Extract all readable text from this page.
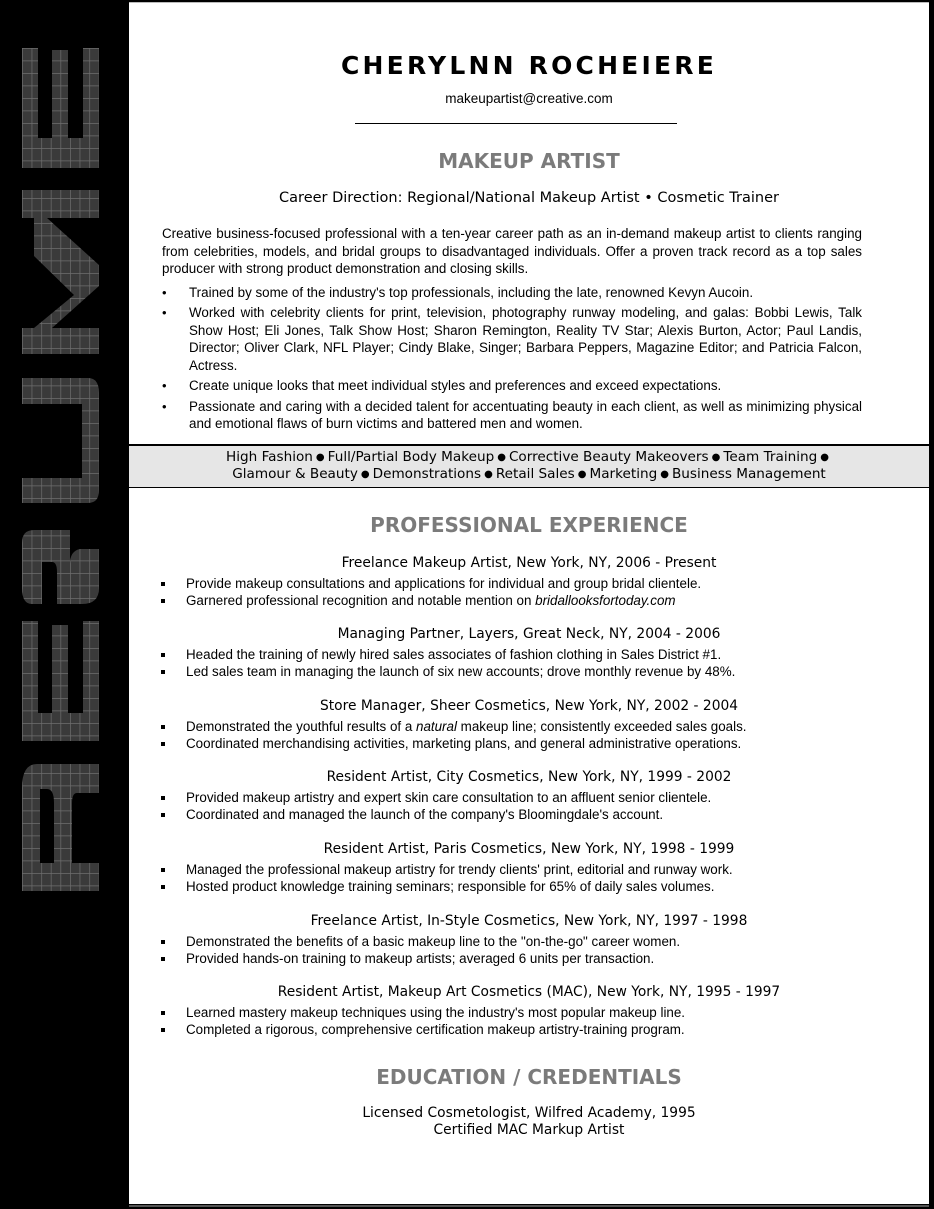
CHERYLNN ROCHEIERE
makeupartist@creative.com
MAKEUP ARTIST
Career Direction: Regional/National Makeup Artist • Cosmetic Trainer

Creative business-focused professional with a ten-year career path as an in-demand makeup artist to clients ranging from celebrities, models, and bridal groups to disadvantaged individuals. Offer a proven track record as a top sales producer with strong product demonstration and closing skills.

• Trained by some of the industry's top professionals, including the late, renowned Kevyn Aucoin.
• Worked with celebrity clients for print, television, photography runway modeling, and galas: Bobbi Lewis, Talk Show Host; Eli Jones, Talk Show Host; Sharon Remington, Reality TV Star; Alexis Burton, Actor; Paul Landis, Director; Oliver Clark, NFL Player; Cindy Blake, Singer; Barbara Peppers, Magazine Editor; and Patricia Falcon, Actress.
• Create unique looks that meet individual styles and preferences and exceed expectations.
• Passionate and caring with a decided talent for accentuating beauty in each client, as well as minimizing physical and emotional flaws of burn victims and battered men and women.
High Fashion ● Full/Partial Body Makeup ● Corrective Beauty Makeovers ● Team Training ●
Glamour & Beauty ● Demonstrations ● Retail Sales ● Marketing ● Business Management
PROFESSIONAL EXPERIENCE
Freelance Makeup Artist, New York, NY, 2006 - Present
Provide makeup consultations and applications for individual and group bridal clientele.
Garnered professional recognition and notable mention on bridallooksfortoday.com
Managing Partner, Layers, Great Neck, NY, 2004 - 2006
Headed the training of newly hired sales associates of fashion clothing in Sales District #1.
Led sales team in managing the launch of six new accounts; drove monthly revenue by 48%.
Store Manager, Sheer Cosmetics, New York, NY, 2002 - 2004
Demonstrated the youthful results of a natural makeup line; consistently exceeded sales goals.
Coordinated merchandising activities, marketing plans, and general administrative operations.
Resident Artist, City Cosmetics, New York, NY, 1999 - 2002
Provided makeup artistry and expert skin care consultation to an affluent senior clientele.
Coordinated and managed the launch of the company's Bloomingdale's account.
Resident Artist, Paris Cosmetics, New York, NY, 1998 - 1999
Managed the professional makeup artistry for trendy clients' print, editorial and runway work.
Hosted product knowledge training seminars; responsible for 65% of daily sales volumes.
Freelance Artist, In-Style Cosmetics, New York, NY, 1997 - 1998
Demonstrated the benefits of a basic makeup line to the "on-the-go" career women.
Provided hands-on training to makeup artists; averaged 6 units per transaction.
Resident Artist, Makeup Art Cosmetics (MAC), New York, NY, 1995 - 1997
Learned mastery makeup techniques using the industry's most popular makeup line.
Completed a rigorous, comprehensive certification makeup artistry-training program.
EDUCATION / CREDENTIALS
Licensed Cosmetologist, Wilfred Academy, 1995
Certified MAC Markup Artist
